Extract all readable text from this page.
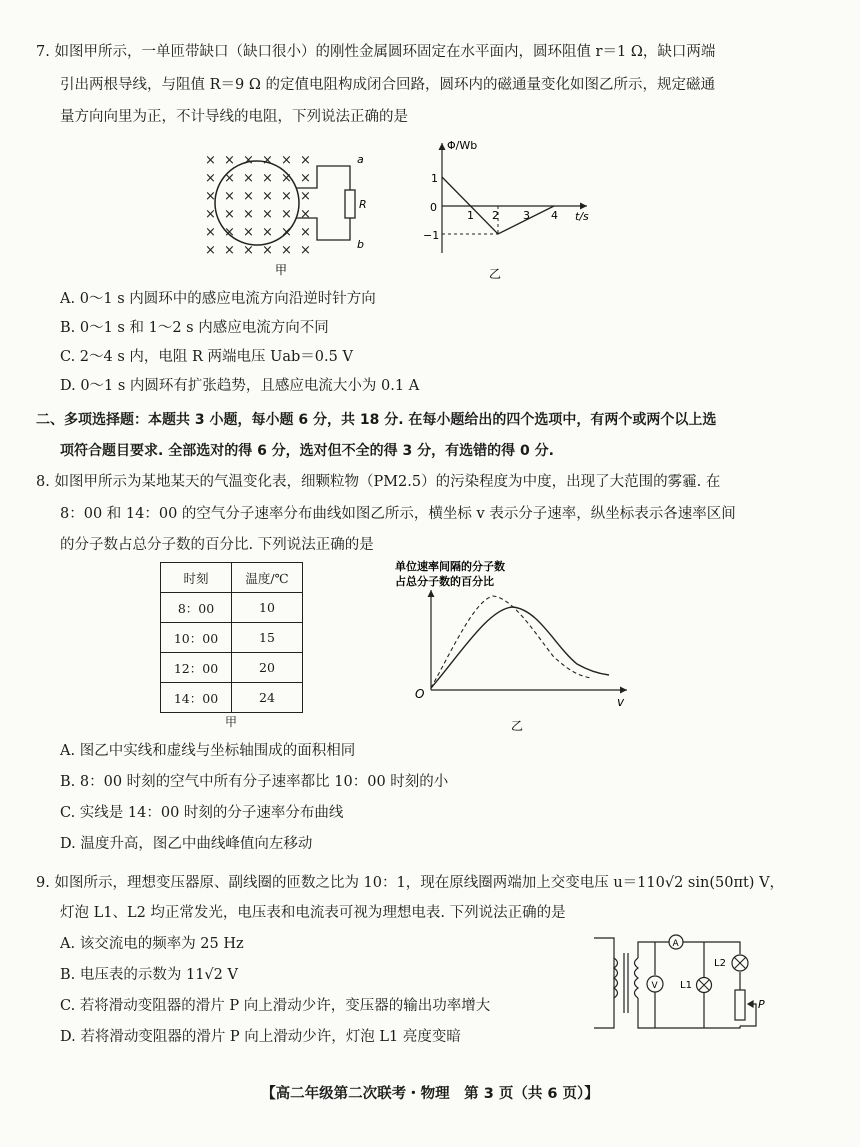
7. 如图甲所示，一单匝带缺口（缺口很小）的刚性金属圆环固定在水平面内，圆环阻值 r＝1 Ω，缺口两端
引出两根导线，与阻值 R＝9 Ω 的定值电阻构成闭合回路，圆环内的磁通量变化如图乙所示，规定磁通
量方向向里为正，不计导线的电阻，下列说法正确的是
× × × × × ×
× × × × × ×
× × × × × ×
× × × × × ×
× × × × × ×
× × × × × ×
a
R
b
甲
Φ/Wb
t/s
0
1
−1
1 2 3 4
乙
A. 0～1 s 内圆环中的感应电流方向沿逆时针方向
B. 0～1 s 和 1～2 s 内感应电流方向不同
C. 2～4 s 内，电阻 R 两端电压 Uab＝0.5 V
D. 0～1 s 内圆环有扩张趋势，且感应电流大小为 0.1 A
二、多项选择题：本题共 3 小题，每小题 6 分，共 18 分. 在每小题给出的四个选项中，有两个或两个以上选
项符合题目要求. 全部选对的得 6 分，选对但不全的得 3 分，有选错的得 0 分.
8. 如图甲所示为某地某天的气温变化表，细颗粒物（PM2.5）的污染程度为中度，出现了大范围的雾霾. 在
8：00 和 14：00 的空气分子速率分布曲线如图乙所示，横坐标 v 表示分子速率，纵坐标表示各速率区间
的分子数占总分子数的百分比. 下列说法正确的是
时刻	温度/℃
8：00	10
10：00	15
12：00	20
14：00	24
甲
单位速率间隔的分子数
占总分子数的百分比
O
v
乙
A. 图乙中实线和虚线与坐标轴围成的面积相同
B. 8：00 时刻的空气中所有分子速率都比 10：00 时刻的小
C. 实线是 14：00 时刻的分子速率分布曲线
D. 温度升高，图乙中曲线峰值向左移动
9. 如图所示，理想变压器原、副线圈的匝数之比为 10：1，现在原线圈两端加上交变电压 u＝110√2 sin(50πt) V，
灯泡 L1、L2 均正常发光，电压表和电流表可视为理想电表. 下列说法正确的是
A. 该交流电的频率为 25 Hz
B. 电压表的示数为 11√2 V
C. 若将滑动变阻器的滑片 P 向上滑动少许，变压器的输出功率增大
D. 若将滑动变阻器的滑片 P 向上滑动少许，灯泡 L1 亮度变暗
A
V L1
L2
P
【高二年级第二次联考・物理　第 3 页（共 6 页）】
